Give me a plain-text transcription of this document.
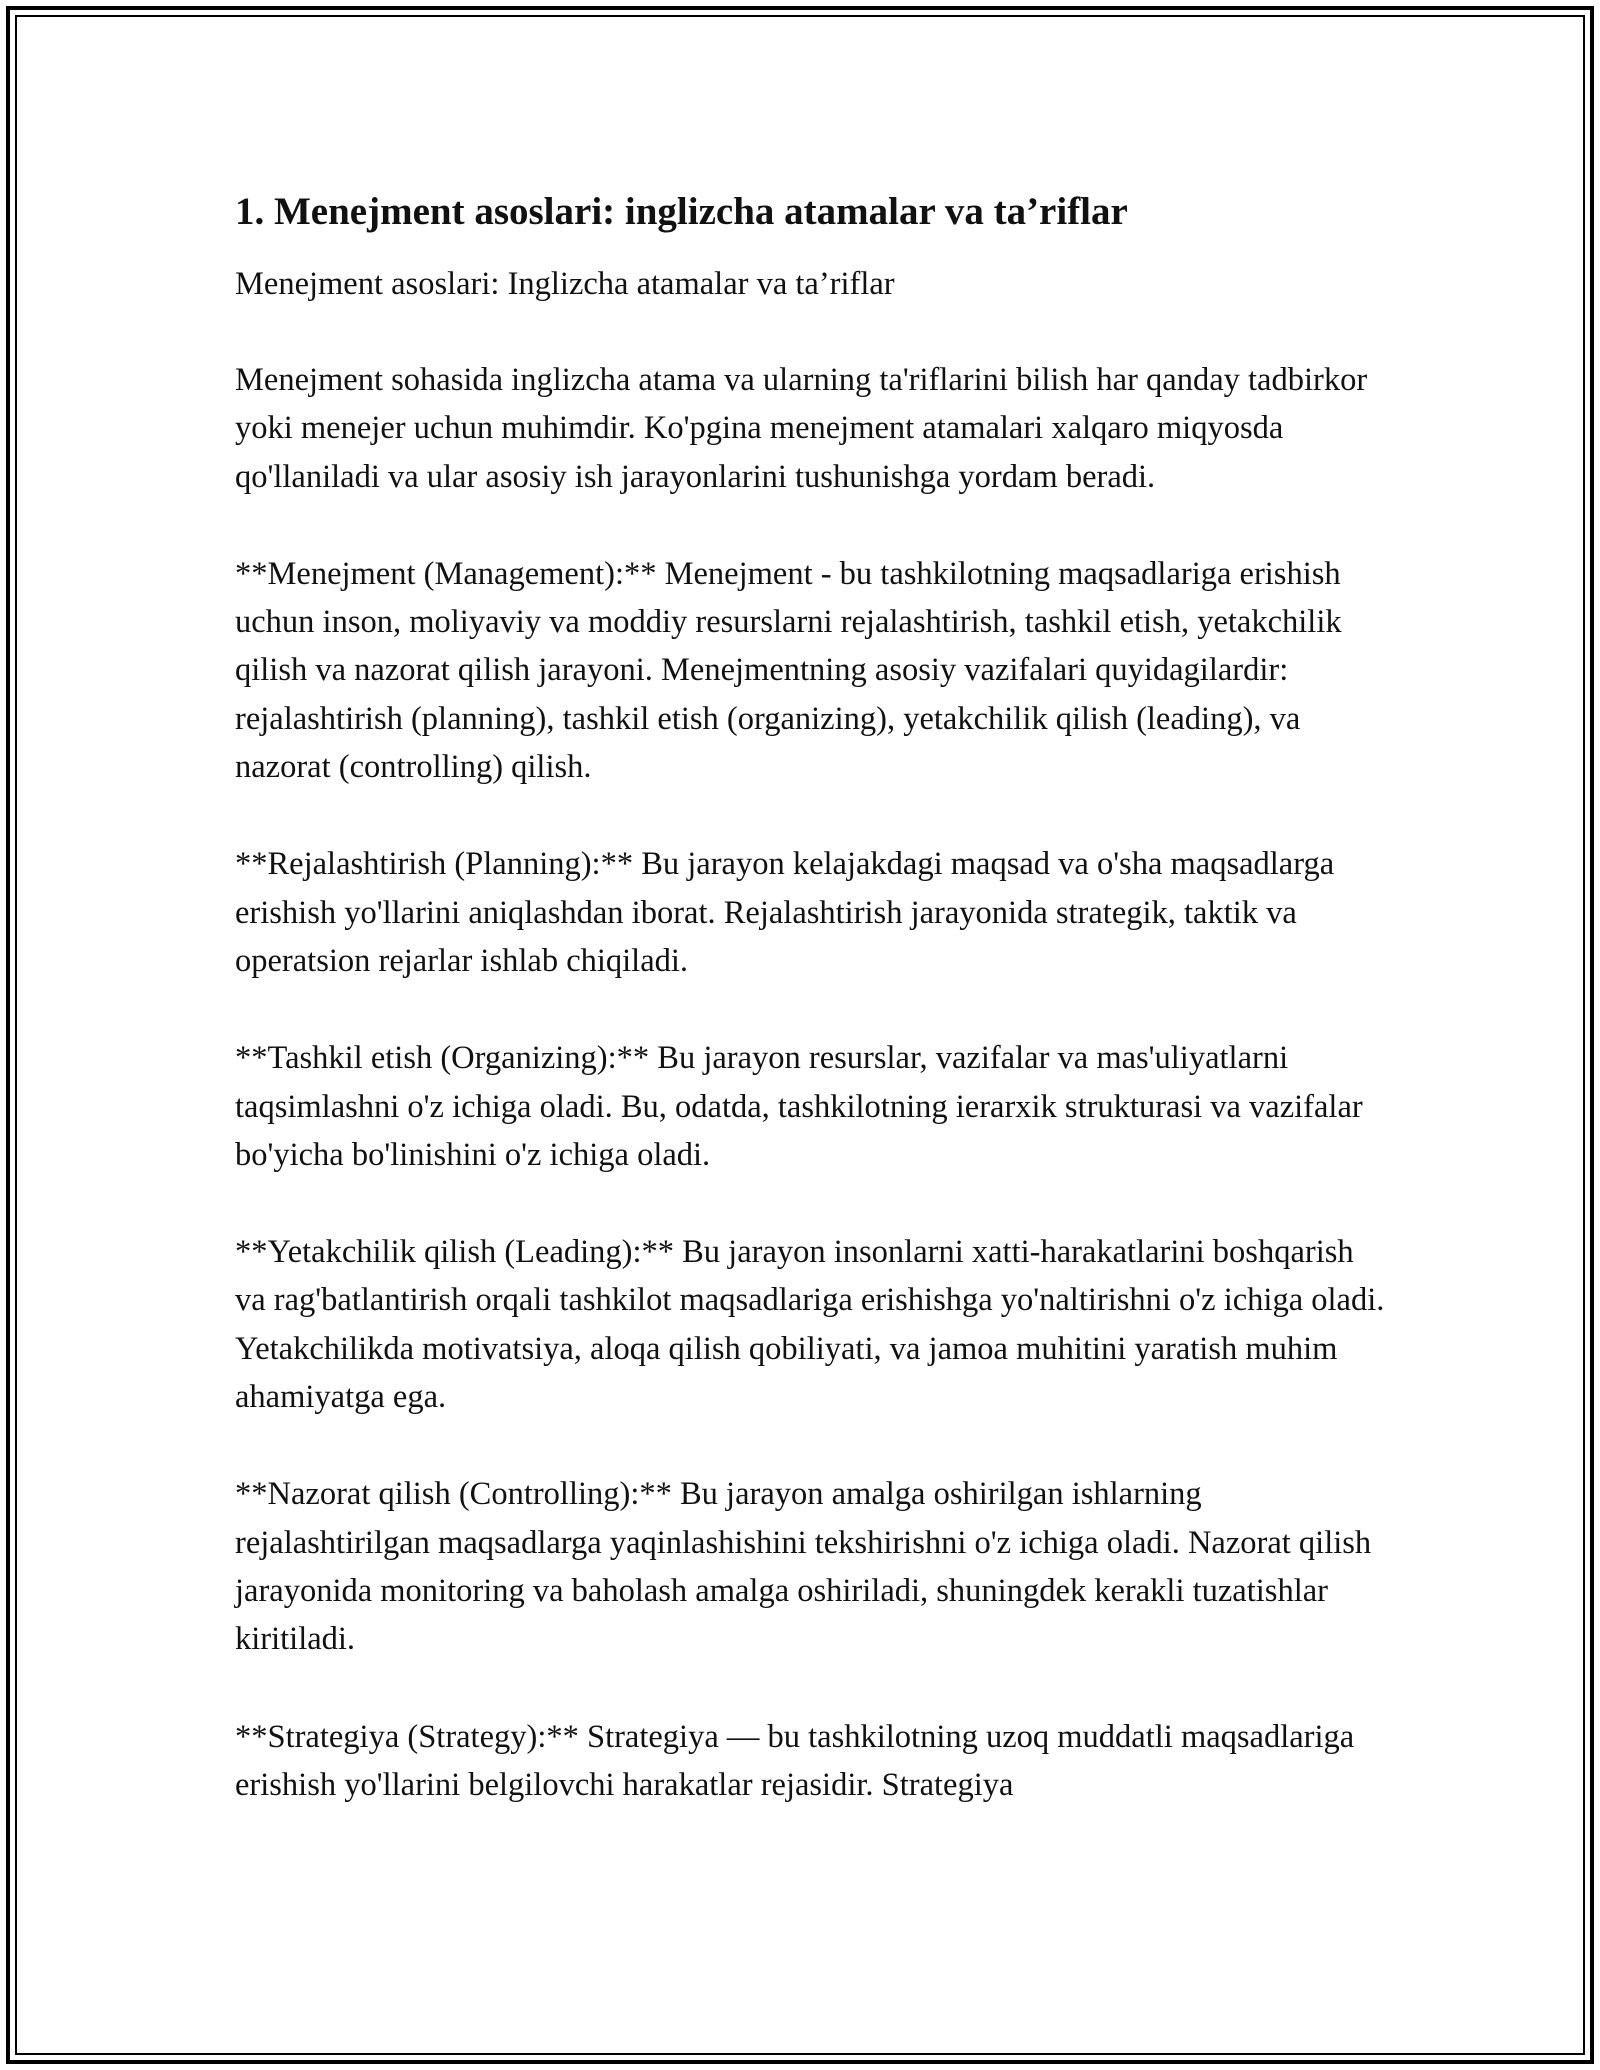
1. Menejment asoslari: inglizcha atamalar va ta’riflar
Menejment asoslari: Inglizcha atamalar va ta’riflar

Menejment sohasida inglizcha atama va ularning ta'riflarini bilish har qanday tadbirkor yoki menejer uchun muhimdir. Ko'pgina menejment atamalari xalqaro miqyosda qo'llaniladi va ular asosiy ish jarayonlarini tushunishga yordam beradi.

**Menejment (Management):** Menejment - bu tashkilotning maqsadlariga erishish uchun inson, moliyaviy va moddiy resurslarni rejalashtirish, tashkil etish, yetakchilik qilish va nazorat qilish jarayoni. Menejmentning asosiy vazifalari quyidagilardir: rejalashtirish (planning), tashkil etish (organizing), yetakchilik qilish (leading), va nazorat (controlling) qilish.

**Rejalashtirish (Planning):** Bu jarayon kelajakdagi maqsad va o'sha maqsadlarga erishish yo'llarini aniqlashdan iborat. Rejalashtirish jarayonida strategik, taktik va operatsion rejarlar ishlab chiqiladi.

**Tashkil etish (Organizing):** Bu jarayon resurslar, vazifalar va mas'uliyatlarni taqsimlashni o'z ichiga oladi. Bu, odatda, tashkilotning ierarxik strukturasi va vazifalar bo'yicha bo'linishini o'z ichiga oladi.

**Yetakchilik qilish (Leading):** Bu jarayon insonlarni xatti-harakatlarini boshqarish va rag'batlantirish orqali tashkilot maqsadlariga erishishga yo'naltirishni o'z ichiga oladi. Yetakchilikda motivatsiya, aloqa qilish qobiliyati, va jamoa muhitini yaratish muhim ahamiyatga ega.

**Nazorat qilish (Controlling):** Bu jarayon amalga oshirilgan ishlarning rejalashtirilgan maqsadlarga yaqinlashishini tekshirishni o'z ichiga oladi. Nazorat qilish jarayonida monitoring va baholash amalga oshiriladi, shuningdek kerakli tuzatishlar kiritiladi.

**Strategiya (Strategy):** Strategiya — bu tashkilotning uzoq muddatli maqsadlariga erishish yo'llarini belgilovchi harakatlar rejasidir. Strategiya
